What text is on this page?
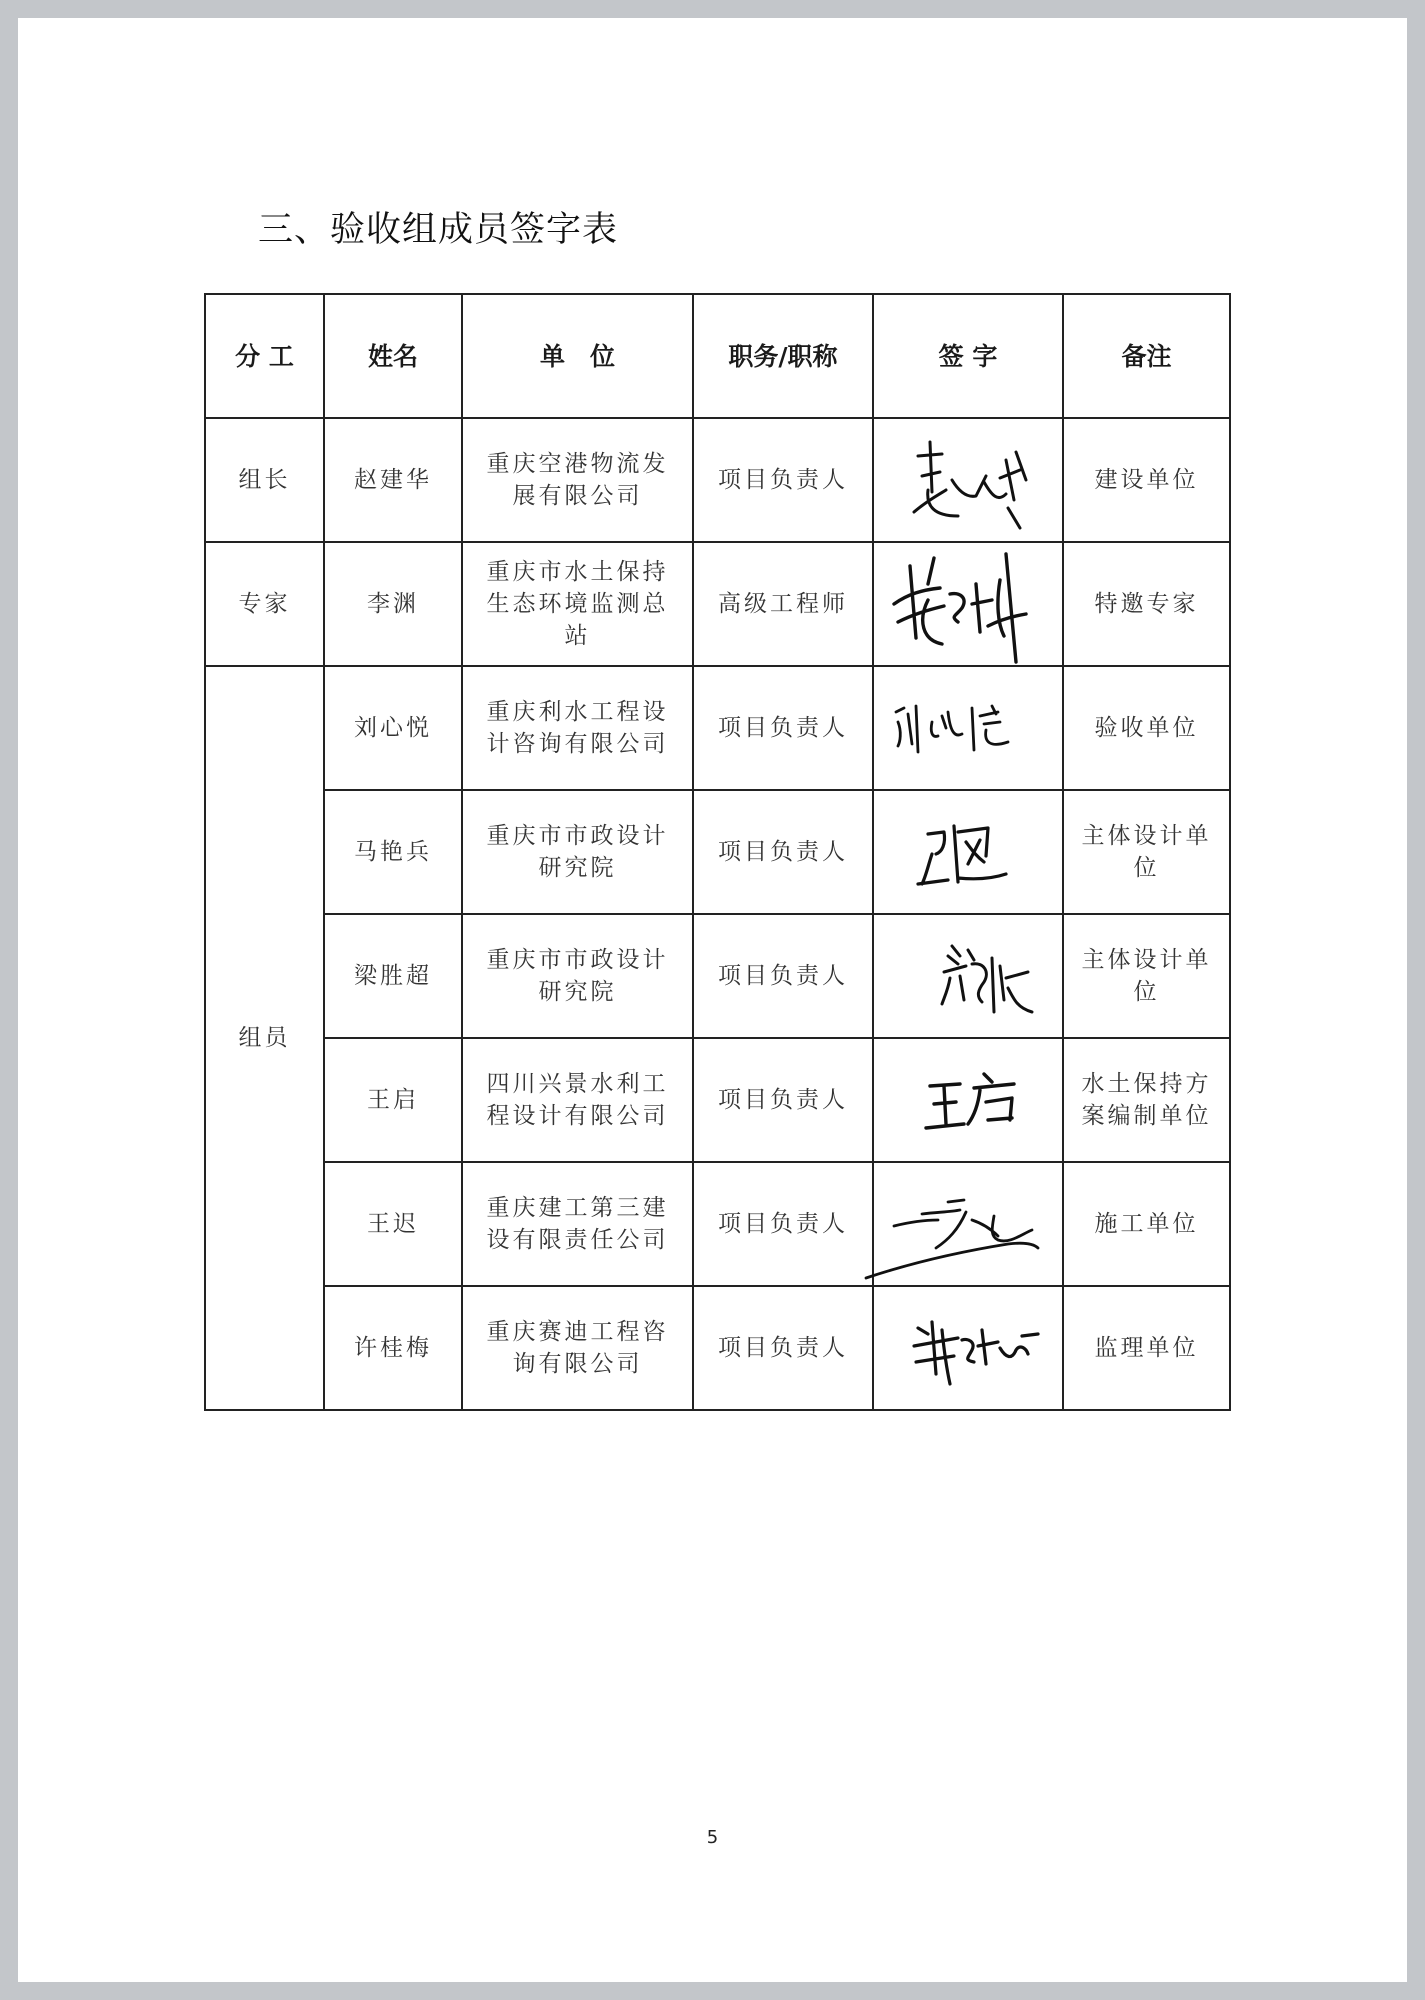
三、验收组成员签字表
分 工	姓名	单　位	职务/职称	签 字	备注
组长	赵建华	重庆空港物流发展有限公司	项目负责人		建设单位
专家	李渊	重庆市水土保持生态环境监测总站	高级工程师		特邀专家
组员	刘心悦	重庆利水工程设计咨询有限公司	项目负责人		验收单位
	马艳兵	重庆市市政设计研究院	项目负责人		主体设计单位
	梁胜超	重庆市市政设计研究院	项目负责人		主体设计单位
	王启	四川兴景水利工程设计有限公司	项目负责人		水土保持方案编制单位
	王迟	重庆建工第三建设有限责任公司	项目负责人		施工单位
	许桂梅	重庆赛迪工程咨询有限公司	项目负责人		监理单位
5
